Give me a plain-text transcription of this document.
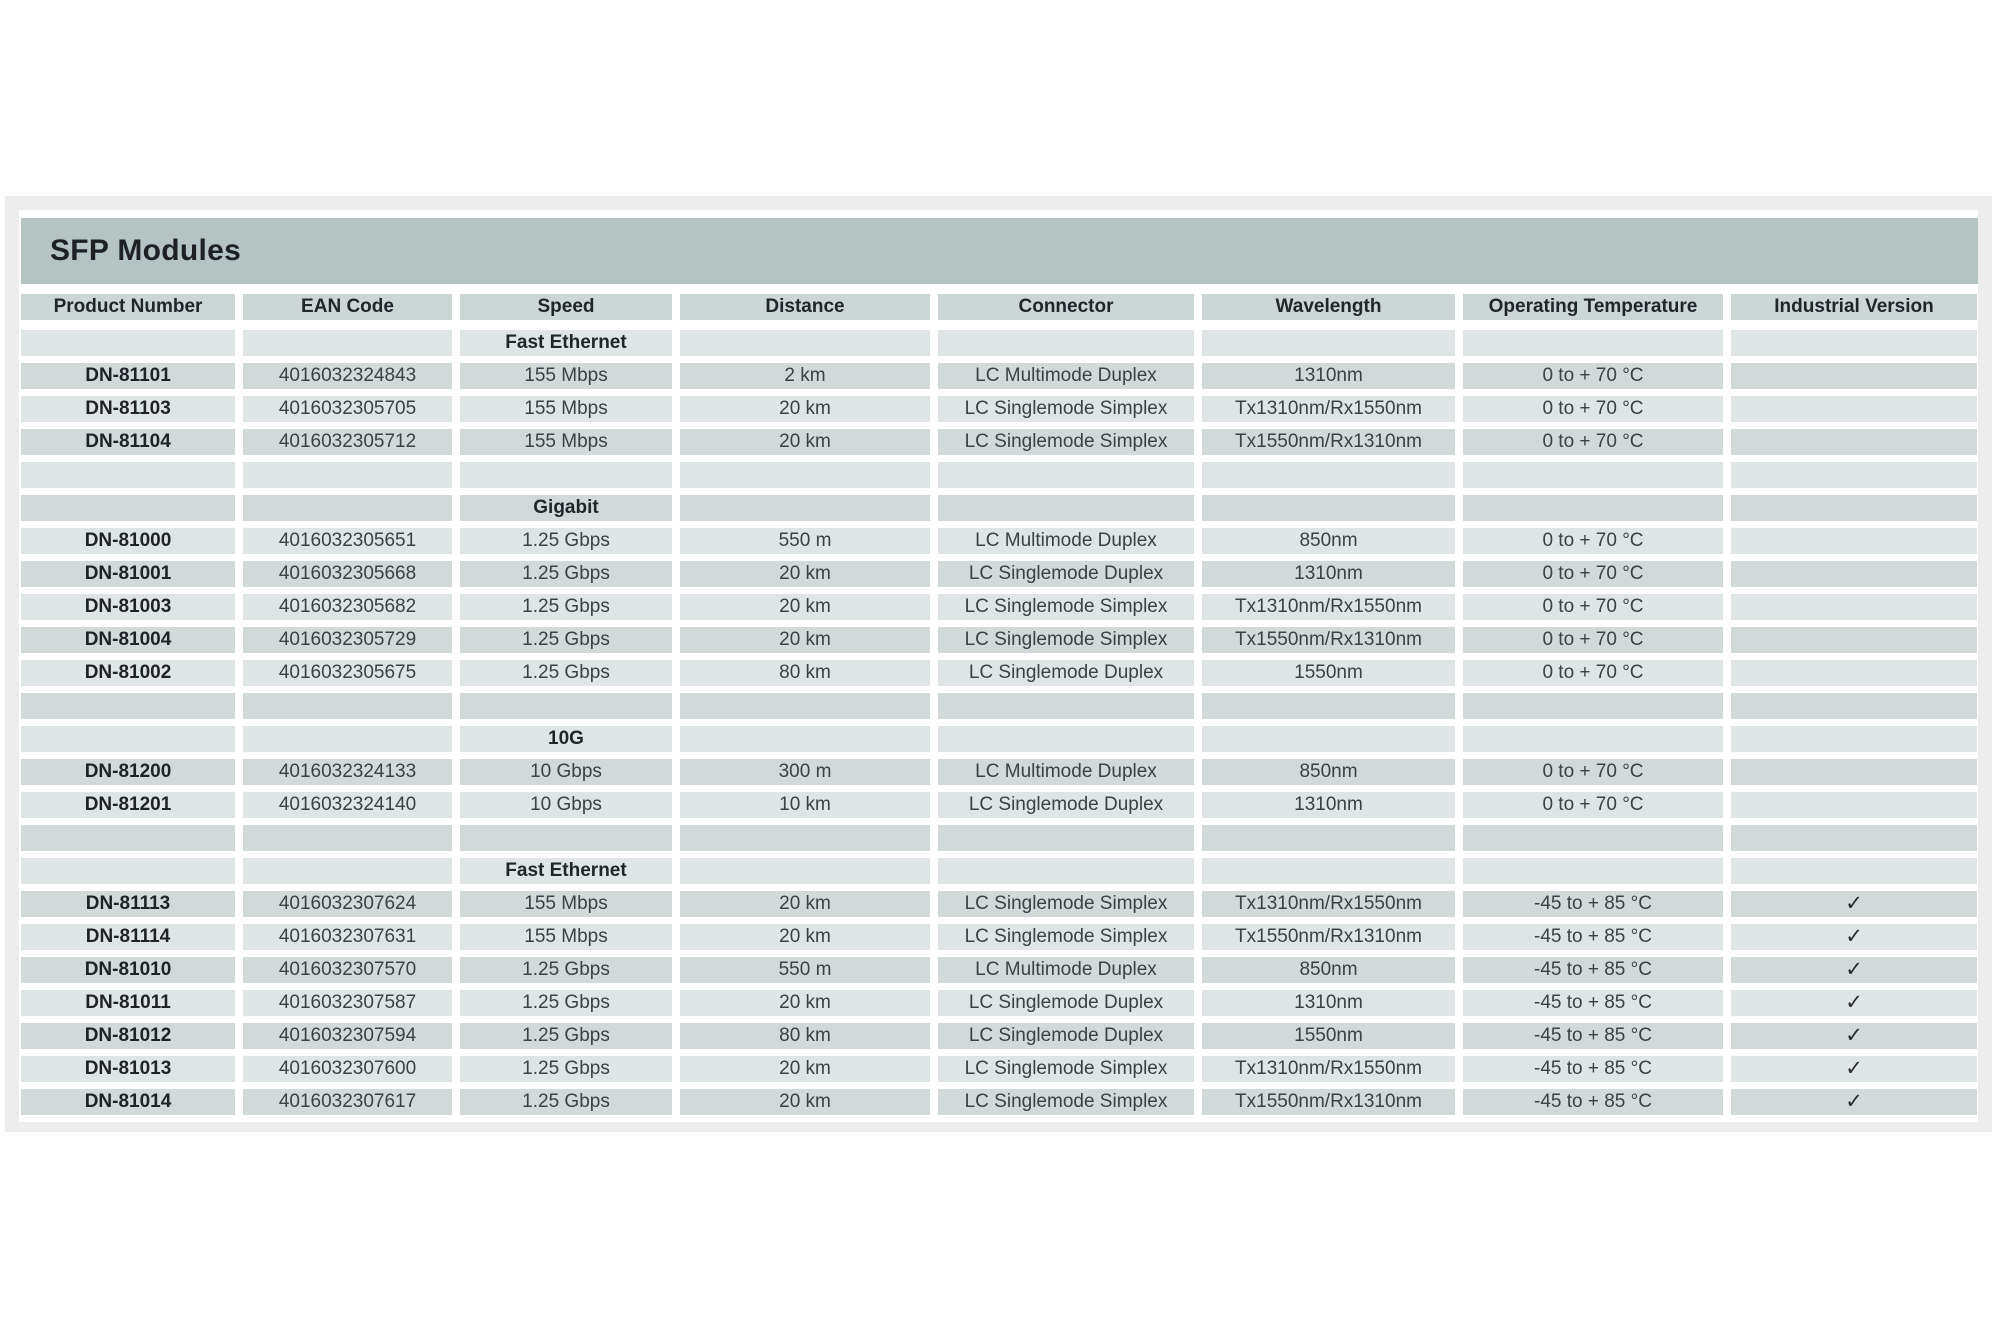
SFP Modules
Product Number	EAN Code	Speed	Distance	Connector	Wavelength	Operating Temperature	Industrial Version
Fast Ethernet
DN-81101	4016032324843	155 Mbps	2 km	LC Multimode Duplex	1310nm	0 to + 70 °C
DN-81103	4016032305705	155 Mbps	20 km	LC Singlemode Simplex	Tx1310nm/Rx1550nm	0 to + 70 °C
DN-81104	4016032305712	155 Mbps	20 km	LC Singlemode Simplex	Tx1550nm/Rx1310nm	0 to + 70 °C
Gigabit
DN-81000	4016032305651	1.25 Gbps	550 m	LC Multimode Duplex	850nm	0 to + 70 °C
DN-81001	4016032305668	1.25 Gbps	20 km	LC Singlemode Duplex	1310nm	0 to + 70 °C
DN-81003	4016032305682	1.25 Gbps	20 km	LC Singlemode Simplex	Tx1310nm/Rx1550nm	0 to + 70 °C
DN-81004	4016032305729	1.25 Gbps	20 km	LC Singlemode Simplex	Tx1550nm/Rx1310nm	0 to + 70 °C
DN-81002	4016032305675	1.25 Gbps	80 km	LC Singlemode Duplex	1550nm	0 to + 70 °C
10G
DN-81200	4016032324133	10 Gbps	300 m	LC Multimode Duplex	850nm	0 to + 70 °C
DN-81201	4016032324140	10 Gbps	10 km	LC Singlemode Duplex	1310nm	0 to + 70 °C
Fast Ethernet
DN-81113	4016032307624	155 Mbps	20 km	LC Singlemode Simplex	Tx1310nm/Rx1550nm	-45 to + 85 °C	✓
DN-81114	4016032307631	155 Mbps	20 km	LC Singlemode Simplex	Tx1550nm/Rx1310nm	-45 to + 85 °C	✓
DN-81010	4016032307570	1.25 Gbps	550 m	LC Multimode Duplex	850nm	-45 to + 85 °C	✓
DN-81011	4016032307587	1.25 Gbps	20 km	LC Singlemode Duplex	1310nm	-45 to + 85 °C	✓
DN-81012	4016032307594	1.25 Gbps	80 km	LC Singlemode Duplex	1550nm	-45 to + 85 °C	✓
DN-81013	4016032307600	1.25 Gbps	20 km	LC Singlemode Simplex	Tx1310nm/Rx1550nm	-45 to + 85 °C	✓
DN-81014	4016032307617	1.25 Gbps	20 km	LC Singlemode Simplex	Tx1550nm/Rx1310nm	-45 to + 85 °C	✓
